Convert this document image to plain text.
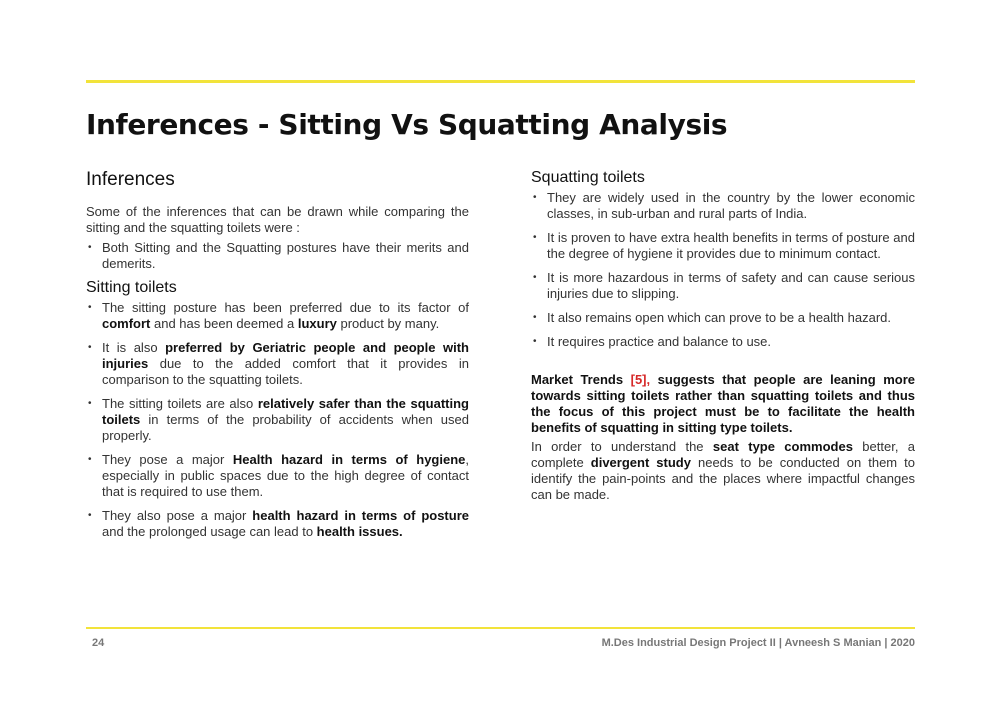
Inferences - Sitting Vs Squatting Analysis
Inferences

Some of the inferences that can be drawn while comparing the sitting and the squatting toilets were :

• Both Sitting and the Squatting postures have their merits and demerits.
Sitting toilets
• The sitting posture has been preferred due to its factor of comfort and has been deemed a luxury product by many.
• It is also preferred by Geriatric people and people with injuries due to the added comfort that it provides in comparison to the squatting toilets.
• The sitting toilets are also relatively safer than the squatting toilets in terms of the probability of accidents when used properly.
• They pose a major Health hazard in terms of hygiene, especially in public spaces due to the high degree of contact that is required to use them.
• They also pose a major health hazard in terms of posture and the prolonged usage can lead to health issues.
Squatting toilets
• They are widely used in the country by the lower economic classes, in sub-urban and rural parts of India.
• It is proven to have extra health benefits in terms of posture and the degree of hygiene it provides due to minimum contact.
• It is more hazardous in terms of safety and can cause serious injuries due to slipping.
• It also remains open which can prove to be a health hazard.
• It requires practice and balance to use.

Market Trends [5], suggests that people are leaning more towards sitting toilets rather than squatting toilets and thus the focus of this project must be to facilitate the health benefits of squatting in sitting type toilets.

In order to understand the seat type commodes better, a complete divergent study needs to be conducted on them to identify the pain-points and the places where impactful changes can be made.

24	M.Des Industrial Design Project II | Avneesh S Manian | 2020
